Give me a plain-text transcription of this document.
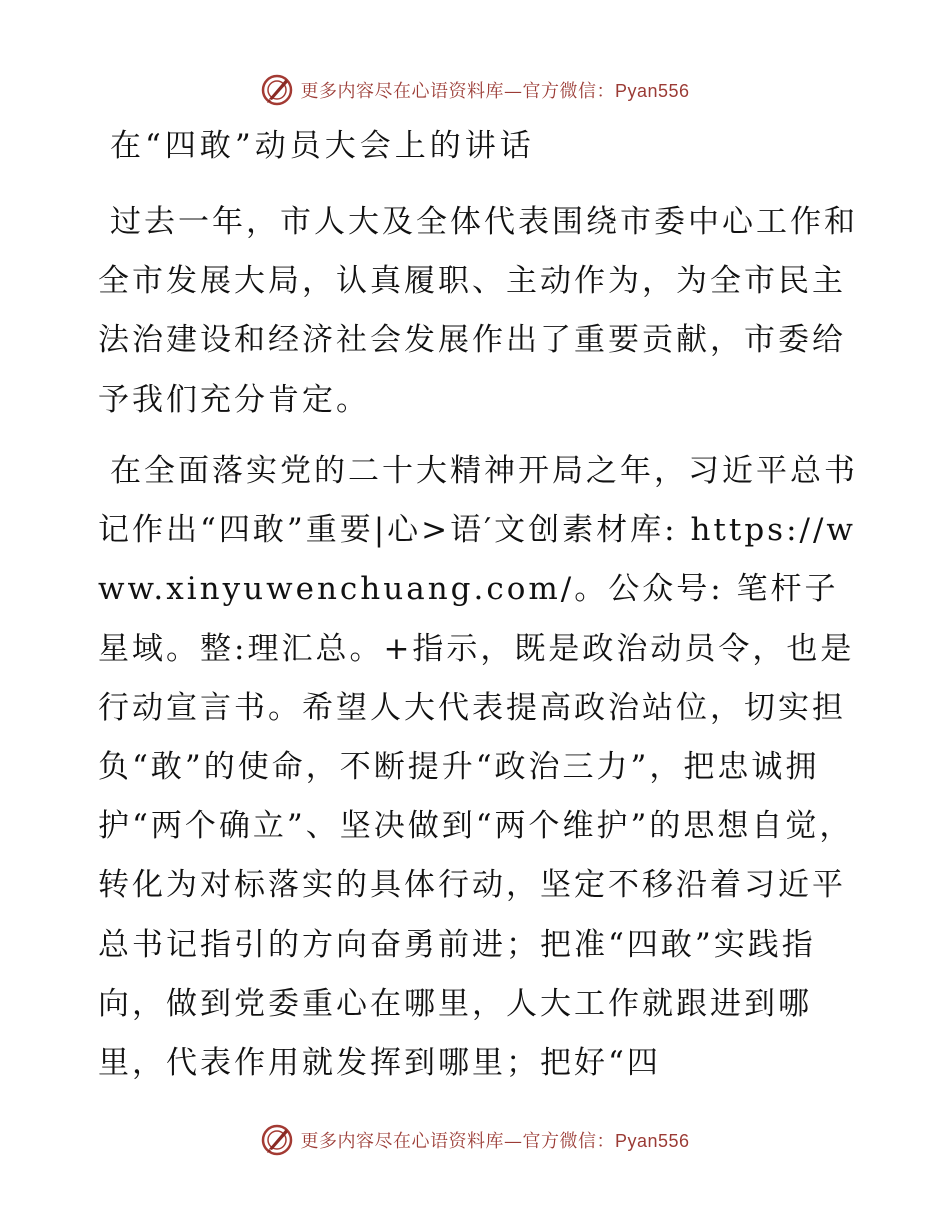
更多内容尽在心语资料库—官方微信：Pyan556
在“四敢”动员大会上的讲话

过去一年，市人大及全体代表围绕市委中心工作和全市发展大局，认真履职、主动作为，为全市民主法治建设和经济社会发展作出了重要贡献，市委给予我们充分肯定。

在全面落实党的二十大精神开局之年，习近平总书记作出“四敢”重要|心>语′文创素材库: https://www.xinyuwenchuang.com/。公众号: 笔杆子星域。整:理汇总。+指示，既是政治动员令，也是行动宣言书。希望人大代表提高政治站位，切实担负“敢”的使命，不断提升“政治三力”，把忠诚拥护“两个确立”、坚决做到“两个维护”的思想自觉，转化为对标落实的具体行动，坚定不移沿着习近平总书记指引的方向奋勇前进；把准“四敢”实践指向，做到党委重心在哪里，人大工作就跟进到哪里，代表作用就发挥到哪里；把好“四

更多内容尽在心语资料库—官方微信：Pyan556
